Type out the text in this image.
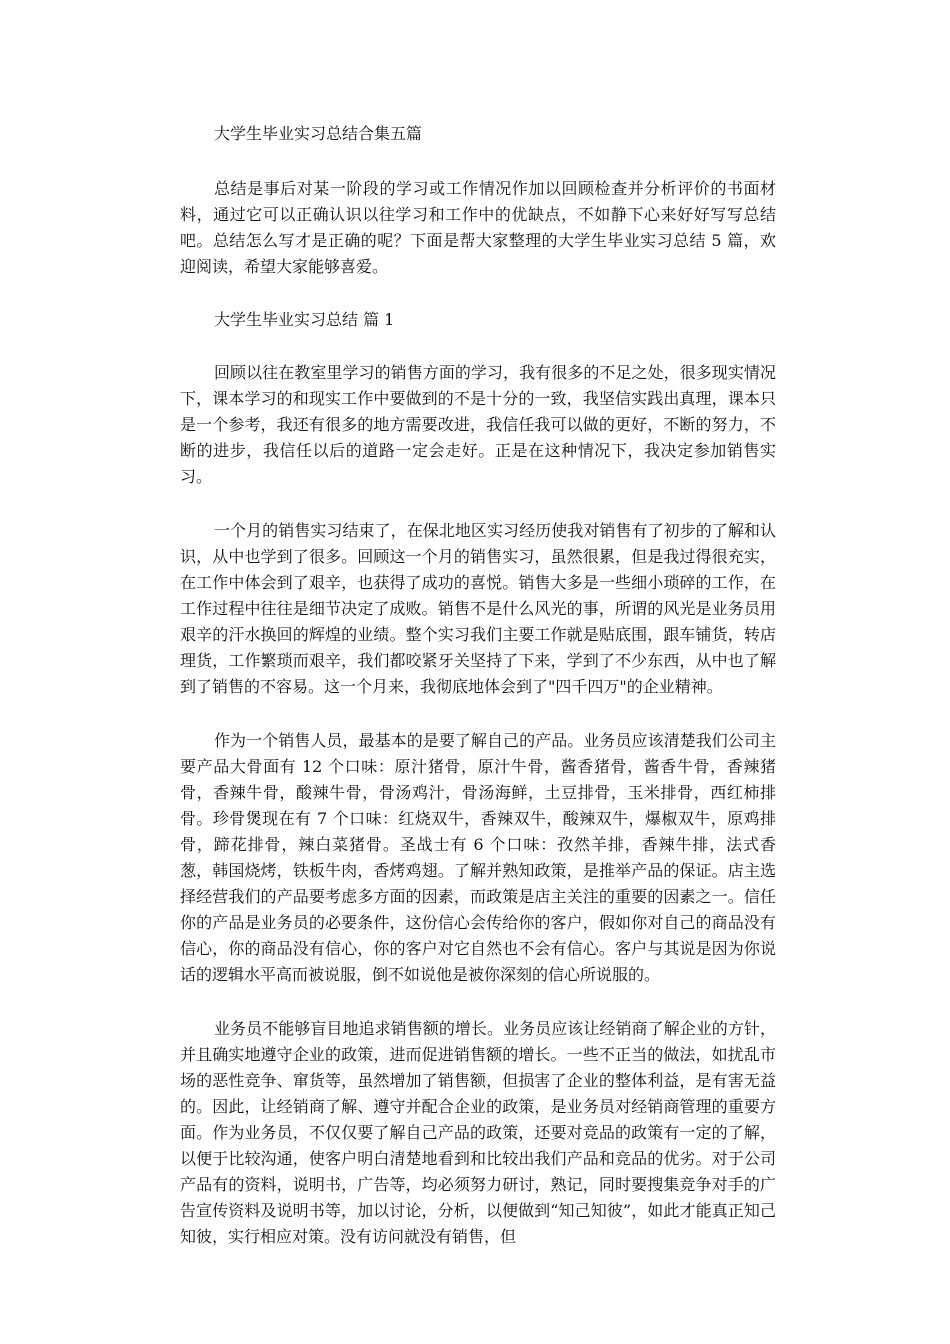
大学生毕业实习总结合集五篇

总结是事后对某一阶段的学习或工作情况作加以回顾检查并分析评价的书面材料，通过它可以正确认识以往学习和工作中的优缺点，不如静下心来好好写写总结吧。总结怎么写才是正确的呢？下面是帮大家整理的大学生毕业实习总结 5 篇，欢迎阅读，希望大家能够喜爱。

大学生毕业实习总结 篇 1

回顾以往在教室里学习的销售方面的学习，我有很多的不足之处，很多现实情况下，课本学习的和现实工作中要做到的不是十分的一致，我坚信实践出真理，课本只是一个参考，我还有很多的地方需要改进，我信任我可以做的更好，不断的努力，不断的进步，我信任以后的道路一定会走好。正是在这种情况下，我决定参加销售实习。

一个月的销售实习结束了，在保北地区实习经历使我对销售有了初步的了解和认识，从中也学到了很多。回顾这一个月的销售实习，虽然很累，但是我过得很充实，在工作中体会到了艰辛，也获得了成功的喜悦。销售大多是一些细小琐碎的工作，在工作过程中往往是细节决定了成败。销售不是什么风光的事，所谓的风光是业务员用艰辛的汗水换回的辉煌的业绩。整个实习我们主要工作就是贴底围，跟车铺货，转店理货，工作繁琐而艰辛，我们都咬紧牙关坚持了下来，学到了不少东西，从中也了解到了销售的不容易。这一个月来，我彻底地体会到了"四千四万"的企业精神。

作为一个销售人员，最基本的是要了解自己的产品。业务员应该清楚我们公司主要产品大骨面有 12 个口味：原汁猪骨，原汁牛骨，酱香猪骨，酱香牛骨，香辣猪骨，香辣牛骨，酸辣牛骨，骨汤鸡汁，骨汤海鲜，土豆排骨，玉米排骨，西红柿排骨。珍骨煲现在有 7 个口味：红烧双牛，香辣双牛，酸辣双牛，爆椒双牛，原鸡排骨，蹄花排骨，辣白菜猪骨。圣战士有 6 个口味：孜然羊排，香辣牛排，法式香葱，韩国烧烤，铁板牛肉，香烤鸡翅。了解并熟知政策，是推举产品的保证。店主选择经营我们的产品要考虑多方面的因素，而政策是店主关注的重要的因素之一。信任你的产品是业务员的必要条件，这份信心会传给你的客户，假如你对自己的商品没有信心，你的商品没有信心，你的客户对它自然也不会有信心。客户与其说是因为你说话的逻辑水平高而被说服，倒不如说他是被你深刻的信心所说服的。

业务员不能够盲目地追求销售额的增长。业务员应该让经销商了解企业的方针，并且确实地遵守企业的政策，进而促进销售额的增长。一些不正当的做法，如扰乱市场的恶性竞争、窜货等，虽然增加了销售额，但损害了企业的整体利益，是有害无益的。因此，让经销商了解、遵守并配合企业的政策，是业务员对经销商管理的重要方面。作为业务员，不仅仅要了解自己产品的政策，还要对竞品的政策有一定的了解，以便于比较沟通，使客户明白清楚地看到和比较出我们产品和竞品的优劣。对于公司产品有的资料，说明书，广告等，均必须努力研讨，熟记，同时要搜集竞争对手的广告宣传资料及说明书等，加以讨论，分析，以便做到“知己知彼”，如此才能真正知己知彼，实行相应对策。没有访问就没有销售，但
